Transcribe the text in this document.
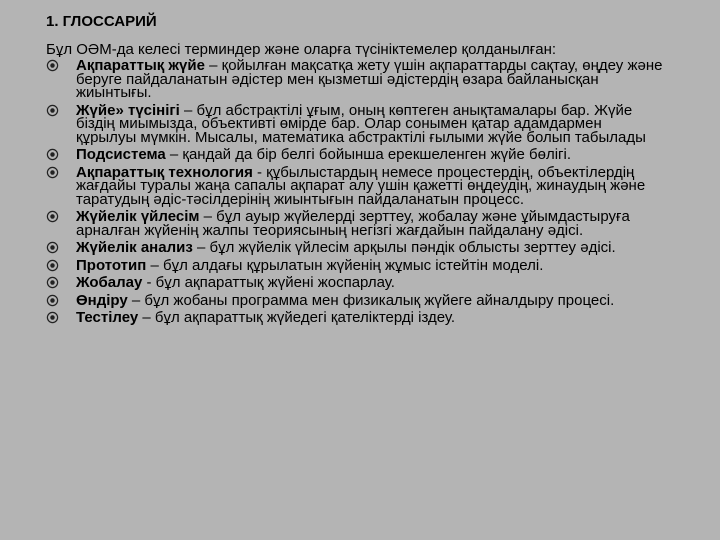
1. ГЛОССАРИЙ

Бұл ОӘМ-да келесі терминдер және оларға түсініктемелер қолданылған:

Ақпараттық жүйе – қойылған мақсатқа жету үшін ақпараттарды сақтау, өңдеу және беруге пайдаланатын әдістер мен қызметші әдістердің өзара байланысқан жиынтығы.
Жүйе» түсінігі – бұл абстрактілі ұғым, оның көптеген анықтамалары бар. Жүйе біздің миымызда, объективті өмірде бар. Олар сонымен қатар адамдармен құрылуы мүмкін. Мысалы, математика абстрактілі ғылыми жүйе болып табылады
Подсистема – қандай да бір белгі бойынша ерекшеленген жүйе бөлігі.
Ақпараттық технология - құбылыстардың немесе процестердің, объектілердің жағдайы туралы жаңа сапалы ақпарат алу үшін қажетті өңдеудің, жинаудың және таратудың әдіс-тәсілдерінің жиынтығын пайдаланатын процесс.
Жүйелік үйлесім – бұл ауыр жүйелерді зерттеу, жобалау және ұйымдастыруға арналған жүйенің жалпы теориясының негізгі жағдайын пайдалану әдісі.
Жүйелік анализ – бұл жүйелік үйлесім арқылы пәндік облысты зерттеу әдісі.
Прототип – бұл алдағы құрылатын жүйенің жұмыс істейтін моделі.
Жобалау - бұл ақпараттық жүйені жоспарлау.
Өндіру – бұл жобаны программа мен физикалық жүйеге айналдыру процесі.
Тестілеу – бұл ақпараттық жүйедегі қателіктерді іздеу.
